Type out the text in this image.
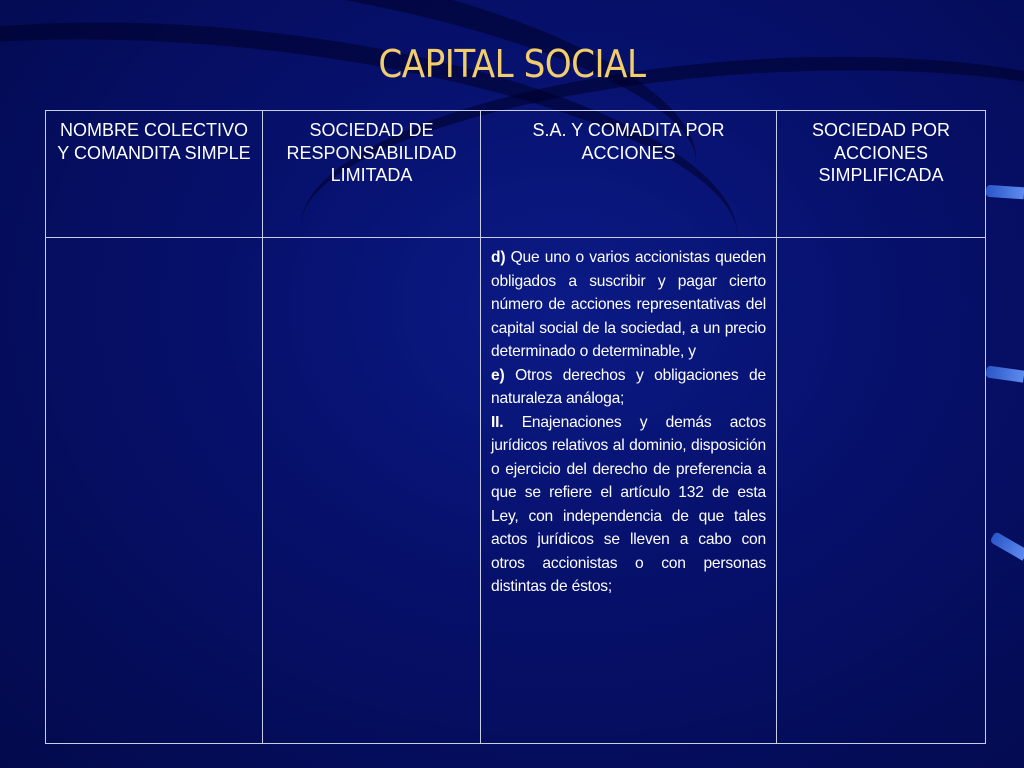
CAPITAL SOCIAL
NOMBRE COLECTIVO Y COMANDITA SIMPLE	SOCIEDAD DE RESPONSABILIDAD LIMITADA	S.A. Y COMADITA POR ACCIONES	SOCIEDAD POR ACCIONES SIMPLIFICADA

		d) Que uno o varios accionistas queden obligados a suscribir y pagar cierto número de acciones representativas del capital social de la sociedad, a un precio determinado o determinable, y

e) Otros derechos y obligaciones de naturaleza análoga;

II. Enajenaciones y demás actos jurídicos relativos al dominio, disposición o ejercicio del derecho de preferencia a que se refiere el artículo 132 de esta Ley, con independencia de que tales actos jurídicos se lleven a cabo con otros accionistas o con personas distintas de éstos;	
